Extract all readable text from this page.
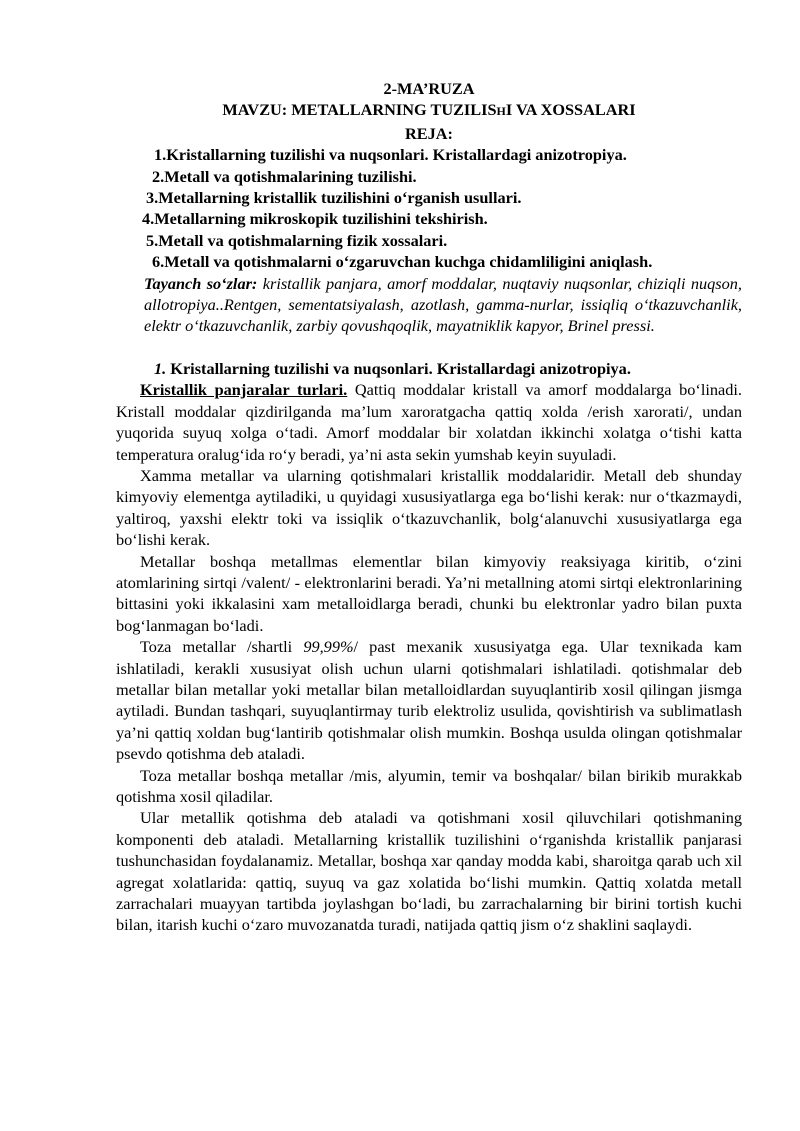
2-MA’RUZA
MAVZU: METALLARNING TUZILISHI VA XOSSALARI
REJA:
1.Kristallarning tuzilishi va nuqsonlari. Kristallardagi anizotropiya.
2.Metall va qotishmalarining tuzilishi.
3.Metallarning kristallik tuzilishini o‘rganish usullari.
4.Metallarning mikroskopik tuzilishini tekshirish.
5.Metall va qotishmalarning fizik xossalari.
6.Metall va qotishmalarni o‘zgaruvchan kuchga chidamliligini aniqlash.
Tayanch so‘zlar: kristallik panjara, amorf moddalar, nuqtaviy nuqsonlar, chiziqli nuqson, allotropiya..Rentgen, sementatsiyalash, azotlash, gamma-nurlar, issiqliq o‘tkazuvchanlik, elektr o‘tkazuvchanlik, zarbiy qovushqoqlik, mayatniklik kapyor, Brinel pressi.
1. Kristallarning tuzilishi va nuqsonlari. Kristallardagi anizotropiya.

Kristallik panjaralar turlari. Qattiq moddalar kristall va amorf moddalarga bo‘linadi. Kristall moddalar qizdirilganda ma’lum xaroratgacha qattiq xolda /erish xarorati/, undan yuqorida suyuq xolga o‘tadi. Amorf moddalar bir xolatdan ikkinchi xolatga o‘tishi katta temperatura oralug‘ida ro‘y beradi, ya’ni asta sekin yumshab keyin suyuladi.

Xamma metallar va ularning qotishmalari kristallik moddalaridir. Metall deb shunday kimyoviy elementga aytiladiki, u quyidagi xususiyatlarga ega bo‘lishi kerak: nur o‘tkazmaydi, yaltiroq, yaxshi elektr toki va issiqlik o‘tkazuvchanlik, bolg‘alanuvchi xususiyatlarga ega bo‘lishi kerak.

Metallar boshqa metallmas elementlar bilan kimyoviy reaksiyaga kiritib, o‘zini atomlarining sirtqi /valent/ - elektronlarini beradi. Ya’ni metallning atomi sirtqi elektronlarining bittasini yoki ikkalasini xam metalloidlarga beradi, chunki bu elektronlar yadro bilan puxta bog‘lanmagan bo‘ladi.

Toza metallar /shartli 99,99%/ past mexanik xususiyatga ega. Ular texnikada kam ishlatiladi, kerakli xususiyat olish uchun ularni qotishmalari ishlatiladi. qotishmalar deb metallar bilan metallar yoki metallar bilan metalloidlardan suyuqlantirib xosil qilingan jismga aytiladi. Bundan tashqari, suyuqlantirmay turib elektroliz usulida, qovishtirish va sublimatlash ya’ni qattiq xoldan bug‘lantirib qotishmalar olish mumkin. Boshqa usulda olingan qotishmalar psevdo qotishma deb ataladi.

Toza metallar boshqa metallar /mis, alyumin, temir va boshqalar/ bilan birikib murakkab qotishma xosil qiladilar.

Ular metallik qotishma deb ataladi va qotishmani xosil qiluvchilari qotishmaning komponenti deb ataladi. Metallarning kristallik tuzilishini o‘rganishda kristallik panjarasi tushunchasidan foydalanamiz. Metallar, boshqa xar qanday modda kabi, sharoitga qarab uch xil agregat xolatlarida: qattiq, suyuq va gaz xolatida bo‘lishi mumkin. Qattiq xolatda metall zarrachalari muayyan tartibda joylashgan bo‘ladi, bu zarrachalarning bir birini tortish kuchi bilan, itarish kuchi o‘zaro muvozanatda turadi, natijada qattiq jism o‘z shaklini saqlaydi.
